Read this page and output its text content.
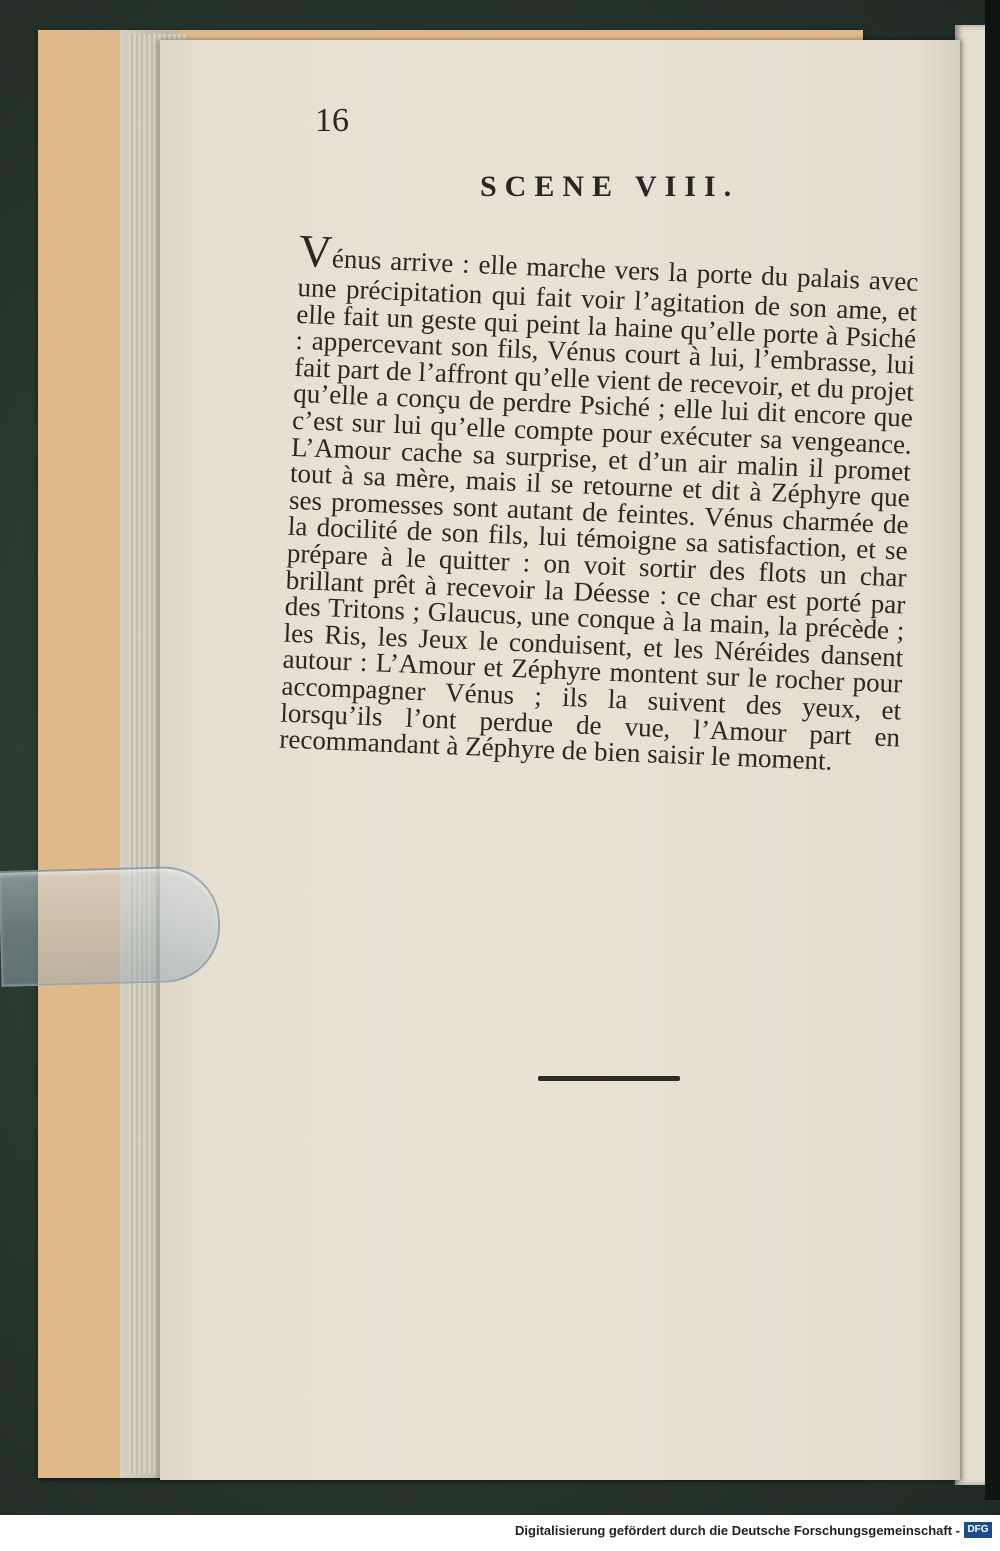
16

SCENE VIII.

Vénus arrive : elle marche vers la porte du palais avec une précipitation qui fait voir l’agitation de son ame, et elle fait un geste qui peint la haine qu’elle porte à Psiché : appercevant son fils, Vénus court à lui, l’embrasse, lui fait part de l’affront qu’elle vient de recevoir, et du projet qu’elle a conçu de perdre Psiché ; elle lui dit encore que c’est sur lui qu’elle compte pour exécuter sa vengeance. L’Amour cache sa surprise, et d’un air malin il promet tout à sa mère, mais il se retourne et dit à Zéphyre que ses promesses sont autant de feintes. Vénus charmée de la docilité de son fils, lui témoigne sa satisfaction, et se prépare à le quitter : on voit sortir des flots un char brillant prêt à recevoir la Déesse : ce char est porté par des Tritons ; Glaucus, une conque à la main, la précède ; les Ris, les Jeux le conduisent, et les Néréides dansent autour : L’Amour et Zéphyre montent sur le rocher pour accompagner Vénus ; ils la suivent des yeux, et lorsqu’ils l’ont perdue de vue, l’Amour part en recommandant à Zéphyre de bien saisir le moment.

Digitalisierung gefördert durch die Deutsche Forschungsgemeinschaft - DFG
